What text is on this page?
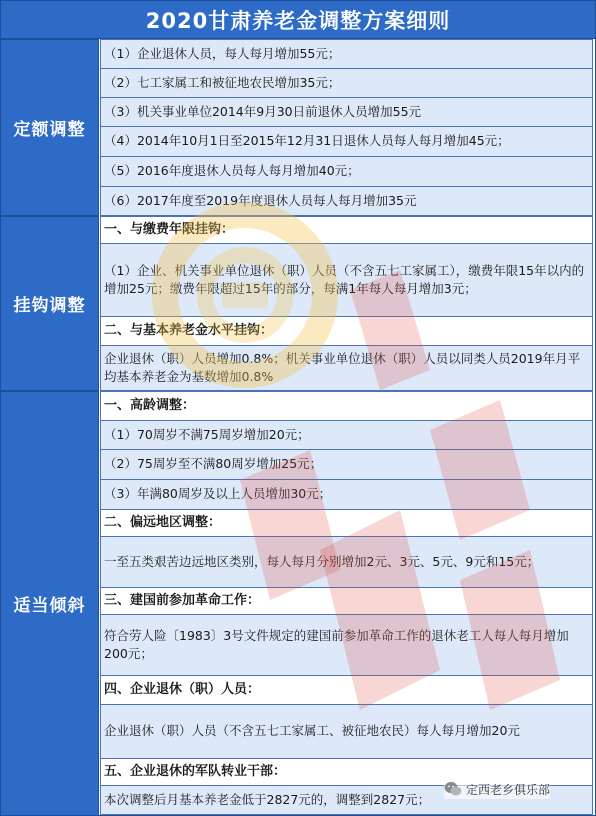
2020甘肃养老金调整方案细则
定额调整
挂钩调整
适当倾斜
（1）企业退休人员，每人每月增加55元；
（2）七工家属工和被征地农民增加35元；
（3）机关事业单位2014年9月30日前退休人员增加55元
（4）2014年10月1日至2015年12月31日退休人员每人每月增加45元；
（5）2016年度退休人员每人每月增加40元；
（6）2017年度至2019年度退休人员每人每月增加35元
一、与缴费年限挂钩：
（1）企业、机关事业单位退休（职）人员（不含五七工家属工），缴费年限15年以内的增加25元；缴费年限超过15年的部分，每满1年每人每月增加3元；
二、与基本养老金水平挂钩：
企业退休（职）人员增加0.8%；机关事业单位退休（职）人员以同类人员2019年月平均基本养老金为基数增加0.8%
一、高龄调整：
（1）70周岁不满75周岁增加20元；
（2）75周岁至不满80周岁增加25元；
（3）年满80周岁及以上人员增加30元；
二、偏远地区调整：
一至五类艰苦边远地区类别，每人每月分别增加2元、3元、5元、9元和15元；
三、建国前参加革命工作：
符合劳人险〔1983〕3号文件规定的建国前参加革命工作的退休老工人每人每月增加200元；
四、企业退休（职）人员：
企业退休（职）人员（不含五七工家属工、被征地农民）每人每月增加20元
五、企业退休的军队转业干部：
本次调整后月基本养老金低于2827元的，调整到2827元；
定西老乡俱乐部
